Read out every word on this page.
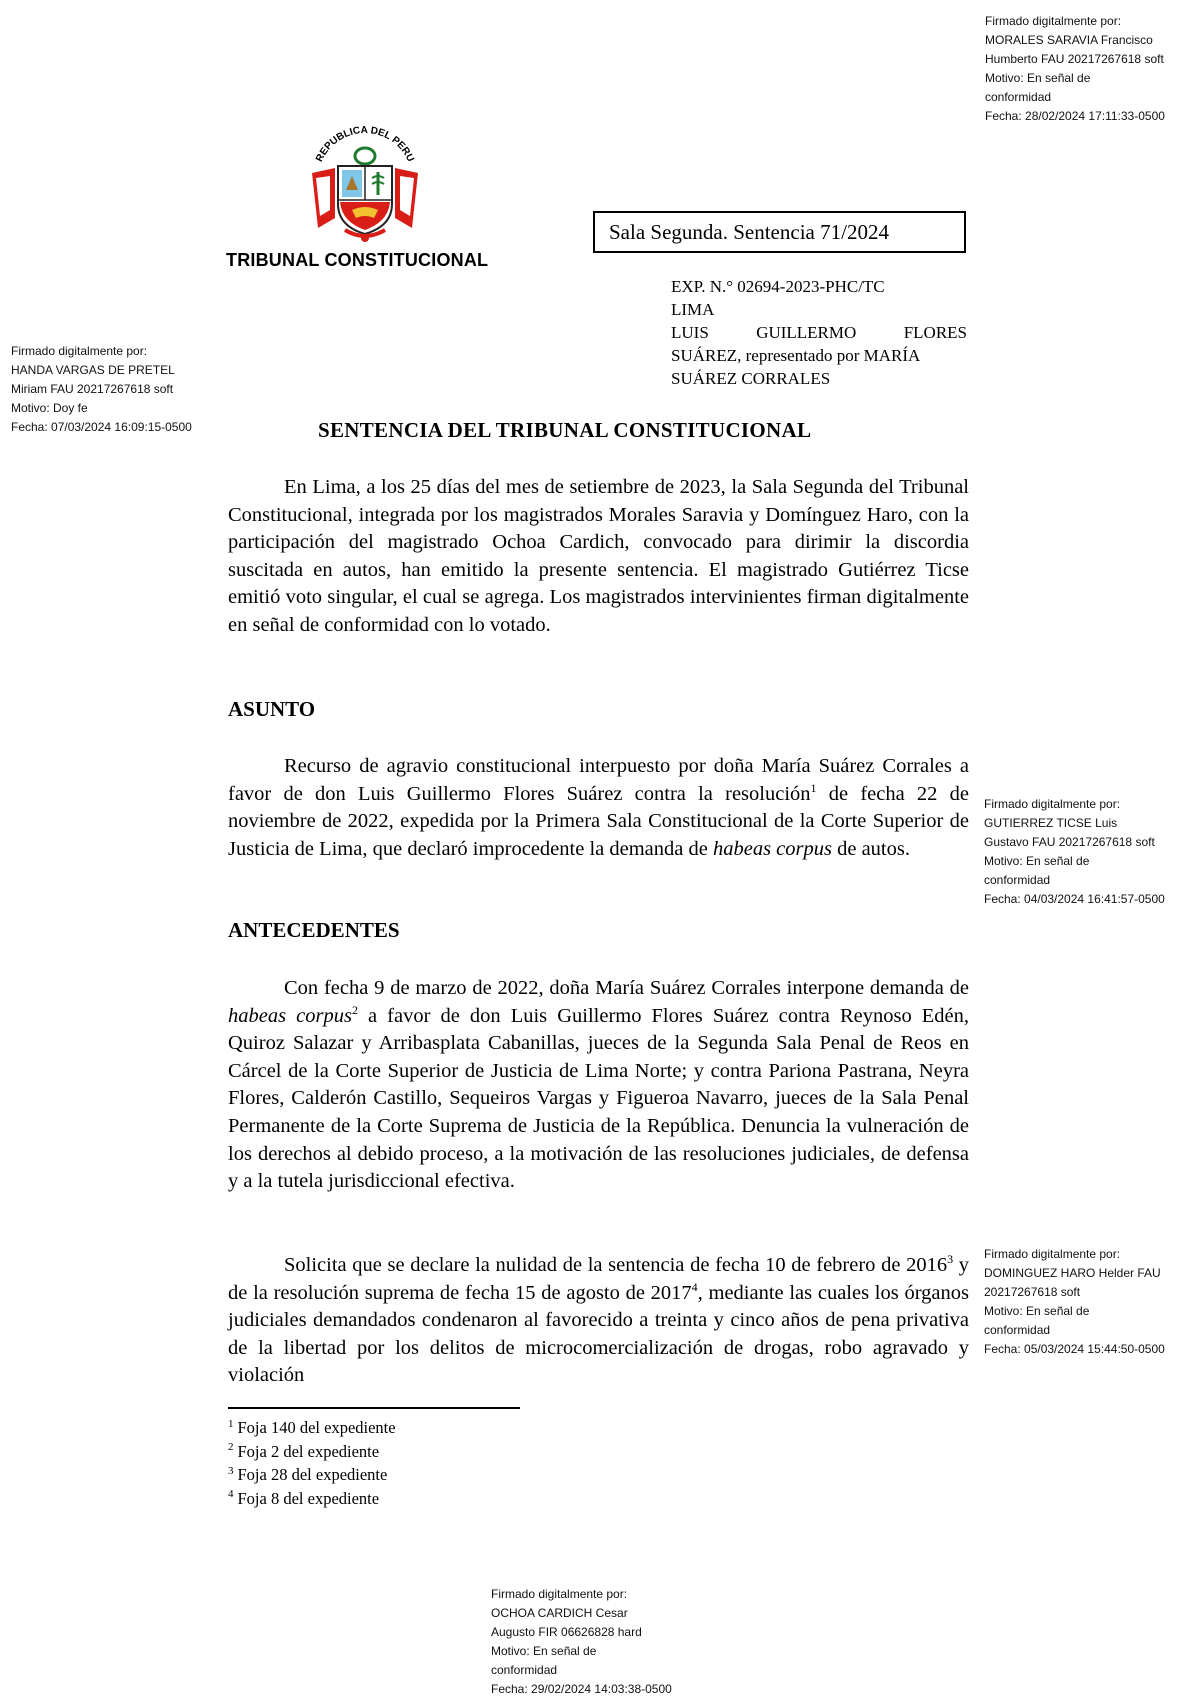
Firmado digitalmente por:
MORALES SARAVIA Francisco
Humberto FAU 20217267618 soft
Motivo: En señal de
conformidad
Fecha: 28/02/2024 17:11:33-0500
Firmado digitalmente por:
HANDA VARGAS DE PRETEL
Miriam FAU 20217267618 soft
Motivo: Doy fe
Fecha: 07/03/2024 16:09:15-0500
Firmado digitalmente por:
GUTIERREZ TICSE Luis
Gustavo FAU 20217267618 soft
Motivo: En señal de
conformidad
Fecha: 04/03/2024 16:41:57-0500
Firmado digitalmente por:
DOMINGUEZ HARO Helder FAU
20217267618 soft
Motivo: En señal de
conformidad
Fecha: 05/03/2024 15:44:50-0500
Firmado digitalmente por:
OCHOA CARDICH Cesar
Augusto FIR 06626828 hard
Motivo: En señal de
conformidad
Fecha: 29/02/2024 14:03:38-0500
REPUBLICA DEL PERU
TRIBUNAL CONSTITUCIONAL
Sala Segunda. Sentencia 71/2024
EXP. N.° 02694-2023-PHC/TC
LIMA
LUIS	GUILLERMO	FLORES
SUÁREZ, representado por MARÍA
SUÁREZ CORRALES
SENTENCIA DEL TRIBUNAL CONSTITUCIONAL

En Lima, a los 25 días del mes de setiembre de 2023, la Sala Segunda del Tribunal Constitucional, integrada por los magistrados Morales Saravia y Domínguez Haro, con la participación del magistrado Ochoa Cardich, convocado para dirimir la discordia suscitada en autos, han emitido la presente sentencia. El magistrado Gutiérrez Ticse emitió voto singular, el cual se agrega. Los magistrados intervinientes firman digitalmente en señal de conformidad con lo votado.

ASUNTO

Recurso de agravio constitucional interpuesto por doña María Suárez Corrales a favor de don Luis Guillermo Flores Suárez contra la resolución$^1$ de fecha 22 de noviembre de 2022, expedida por la Primera Sala Constitucional de la Corte Superior de Justicia de Lima, que declaró improcedente la demanda de habeas corpus de autos.

ANTECEDENTES

Con fecha 9 de marzo de 2022, doña María Suárez Corrales interpone demanda de habeas corpus$^2$ a favor de don Luis Guillermo Flores Suárez contra Reynoso Edén, Quiroz Salazar y Arribasplata Cabanillas, jueces de la Segunda Sala Penal de Reos en Cárcel de la Corte Superior de Justicia de Lima Norte; y contra Pariona Pastrana, Neyra Flores, Calderón Castillo, Sequeiros Vargas y Figueroa Navarro, jueces de la Sala Penal Permanente de la Corte Suprema de Justicia de la República. Denuncia la vulneración de los derechos al debido proceso, a la motivación de las resoluciones judiciales, de defensa y a la tutela jurisdiccional efectiva.

Solicita que se declare la nulidad de la sentencia de fecha 10 de febrero de 2016$^3$ y de la resolución suprema de fecha 15 de agosto de 2017$^4$, mediante las cuales los órganos judiciales demandados condenaron al favorecido a treinta y cinco años de pena privativa de la libertad por los delitos de microcomercialización de drogas, robo agravado y violación

$^1$ Foja 140 del expediente
$^2$ Foja 2 del expediente
$^3$ Foja 28 del expediente
$^4$ Foja 8 del expediente
